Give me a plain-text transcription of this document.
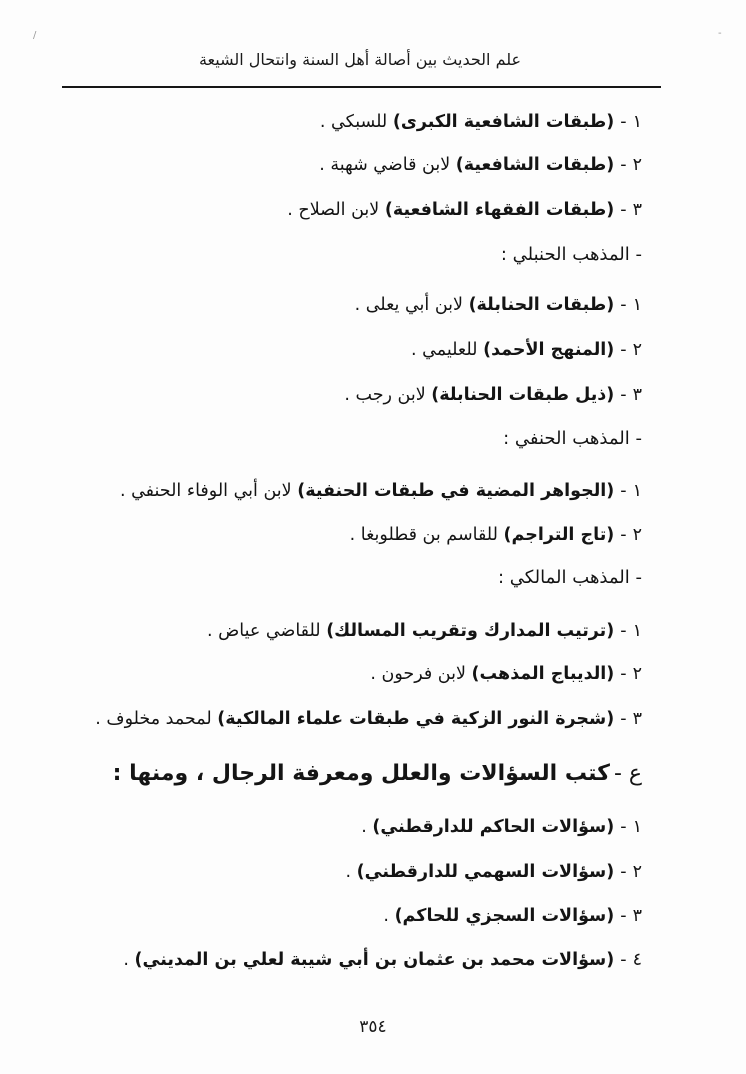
علم الحديث بين أصالة أهل السنة وانتحال الشيعة
١-(طبقات الشافعية الكبرى) للسبكي .
٢-(طبقات الشافعية) لابن قاضي شهبة .
٣-(طبقات الفقهاء الشافعية) لابن الصلاح .
- المذهب الحنبلي :
١-(طبقات الحنابلة) لابن أبي يعلى .
٢-(المنهج الأحمد) للعليمي .
٣-(ذيل طبقات الحنابلة) لابن رجب .
- المذهب الحنفي :
١-(الجواهر المضية في طبقات الحنفية) لابن أبي الوفاء الحنفي .
٢-(تاج التراجم) للقاسم بن قطلوبغا .
- المذهب المالكي :
١-(ترتيب المدارك وتقريب المسالك) للقاضي عياض .
٢-(الديباج المذهب) لابن فرحون .
٣-(شجرة النور الزكية في طبقات علماء المالكية) لمحمد مخلوف .
ع -كتب السؤالات والعلل ومعرفة الرجال ، ومنها :
١-(سؤالات الحاكم للدارقطني) .
٢-(سؤالات السهمي للدارقطني) .
٣-(سؤالات السجزي للحاكم) .
٤-(سؤالات محمد بن عثمان بن أبي شيبة لعلي بن المديني) .
٣٥٤
/	-
